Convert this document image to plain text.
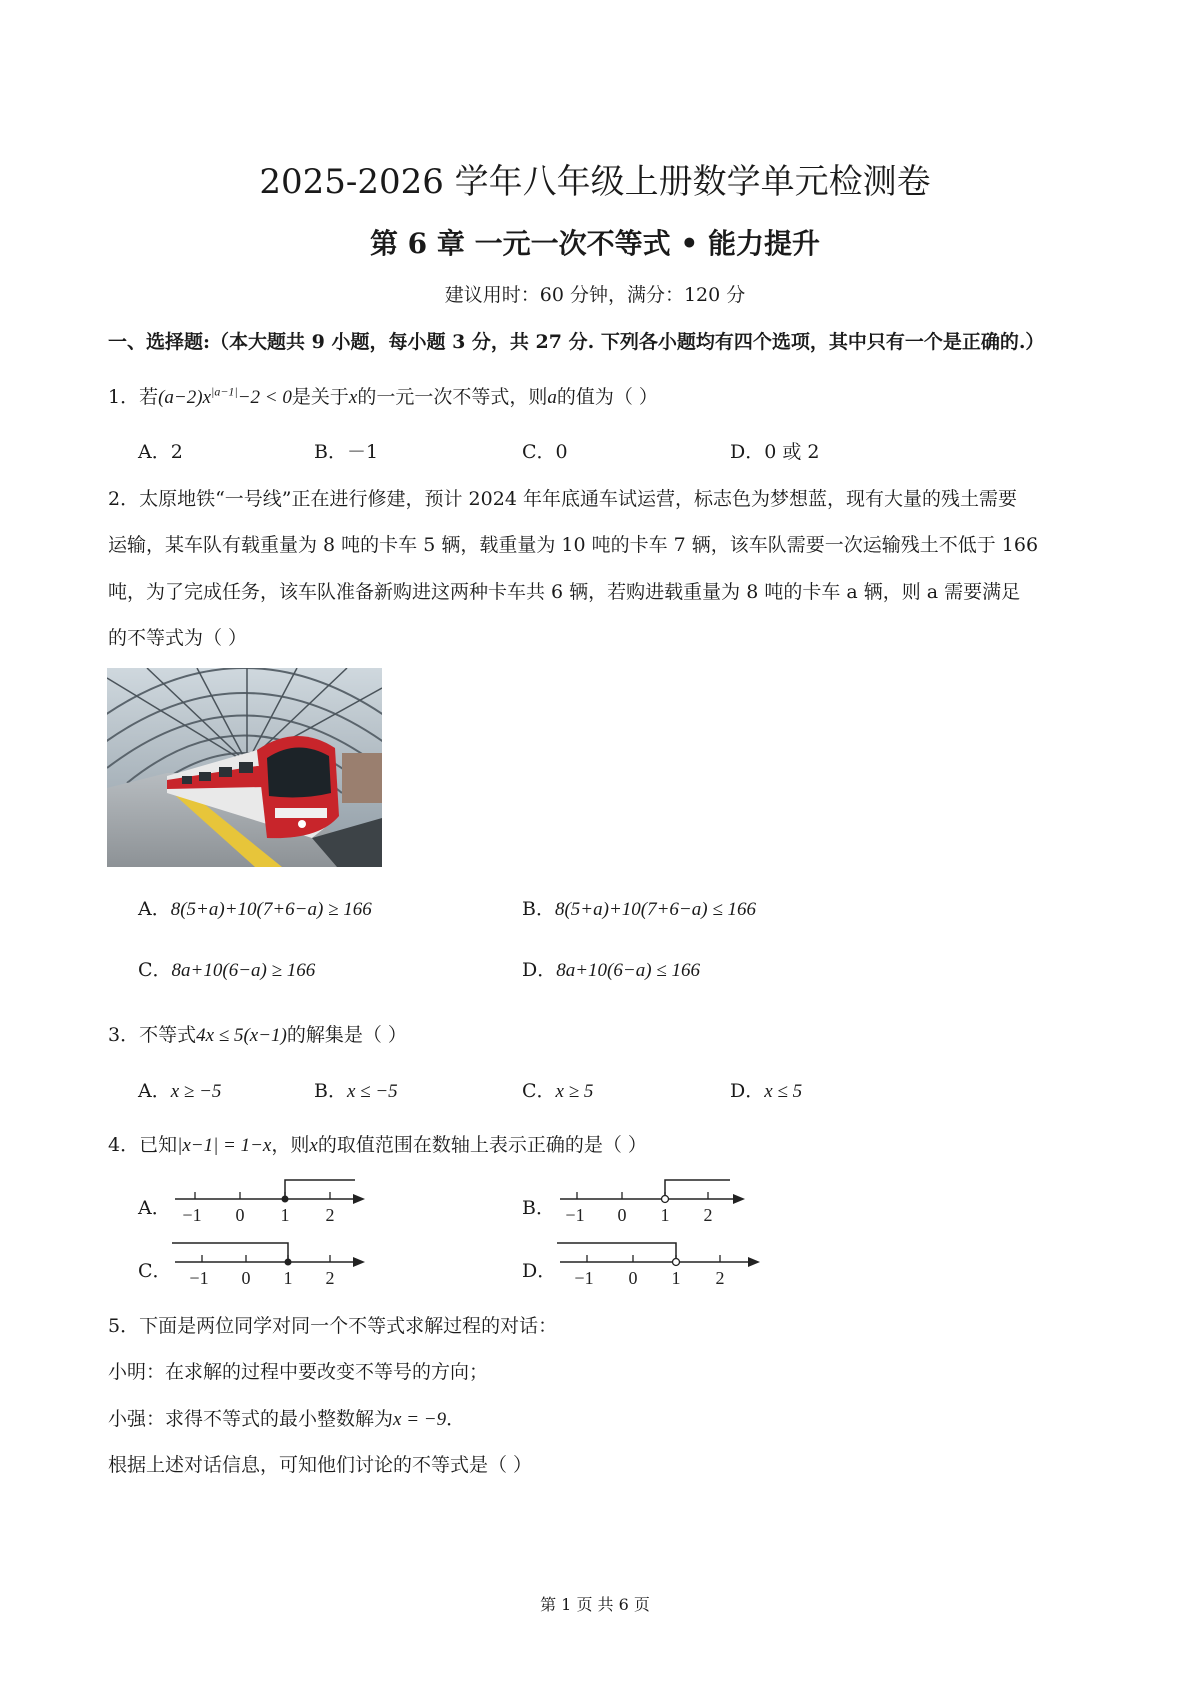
2025-2026 学年八年级上册数学单元检测卷
第 6 章 一元一次不等式 • 能力提升
建议用时：60 分钟，满分：120 分
一、选择题:（本大题共 9 小题，每小题 3 分，共 27 分. 下列各小题均有四个选项，其中只有一个是正确的.）
1．若$(a-2)x^{|a-1|}-2 < 0$是关于x的一元一次不等式，则a的值为（ ）
A．2	B．－1	C．0	D．0 或 2
2．太原地铁“一号线”正在进行修建，预计 2024 年年底通车试运营，标志色为梦想蓝，现有大量的残土需要
运输，某车队有载重量为 8 吨的卡车 5 辆，载重量为 10 吨的卡车 7 辆，该车队需要一次运输残土不低于 166
吨，为了完成任务，该车队准备新购进这两种卡车共 6 辆，若购进载重量为 8 吨的卡车 a 辆，则 a 需要满足
的不等式为（ ）
A．8(5+a)+10(7+6−a) ≥ 166	B．8(5+a)+10(7+6−a) ≤ 166
C．8a+10(6−a) ≥ 166	D．8a+10(6−a) ≤ 166
3．不等式4x ≤ 5(x−1)的解集是（ ）
A．x ≥ −5	B．x ≤ −5	C．x ≥ 5	D．x ≤ 5
4．已知|x−1| = 1−x，则x的取值范围在数轴上表示正确的是（ ）
A． −1 0 1 2	B． −1 0 1 2
C． −1 0 1 2	D． −1 0 1 2
5．下面是两位同学对同一个不等式求解过程的对话：
小明：在求解的过程中要改变不等号的方向；
小强：求得不等式的最小整数解为x = −9．
根据上述对话信息，可知他们讨论的不等式是（ ）
第 1 页 共 6 页
